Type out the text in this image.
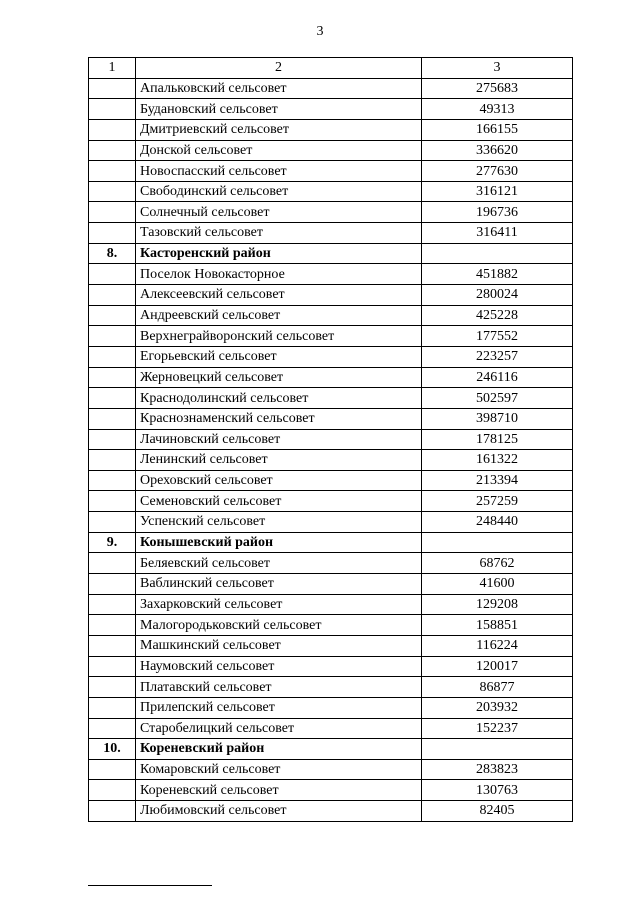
3
1	2	3
	Апальковский сельсовет	275683
	Будановский сельсовет	49313
	Дмитриевский сельсовет	166155
	Донской сельсовет	336620
	Новоспасский сельсовет	277630
	Свободинский сельсовет	316121
	Солнечный сельсовет	196736
	Тазовский сельсовет	316411
8.	Касторенский район	
	Поселок Новокасторное	451882
	Алексеевский сельсовет	280024
	Андреевский сельсовет	425228
	Верхнеграйворонский сельсовет	177552
	Егорьевский сельсовет	223257
	Жерновецкий сельсовет	246116
	Краснодолинский сельсовет	502597
	Краснознаменский сельсовет	398710
	Лачиновский сельсовет	178125
	Ленинский сельсовет	161322
	Ореховский сельсовет	213394
	Семеновский сельсовет	257259
	Успенский сельсовет	248440
9.	Конышевский район	
	Беляевский сельсовет	68762
	Ваблинский сельсовет	41600
	Захарковский сельсовет	129208
	Малогородьковский сельсовет	158851
	Машкинский сельсовет	116224
	Наумовский сельсовет	120017
	Платавский сельсовет	86877
	Прилепский сельсовет	203932
	Старобелицкий сельсовет	152237
10.	Кореневский район	
	Комаровский сельсовет	283823
	Кореневский сельсовет	130763
	Любимовский сельсовет	82405
